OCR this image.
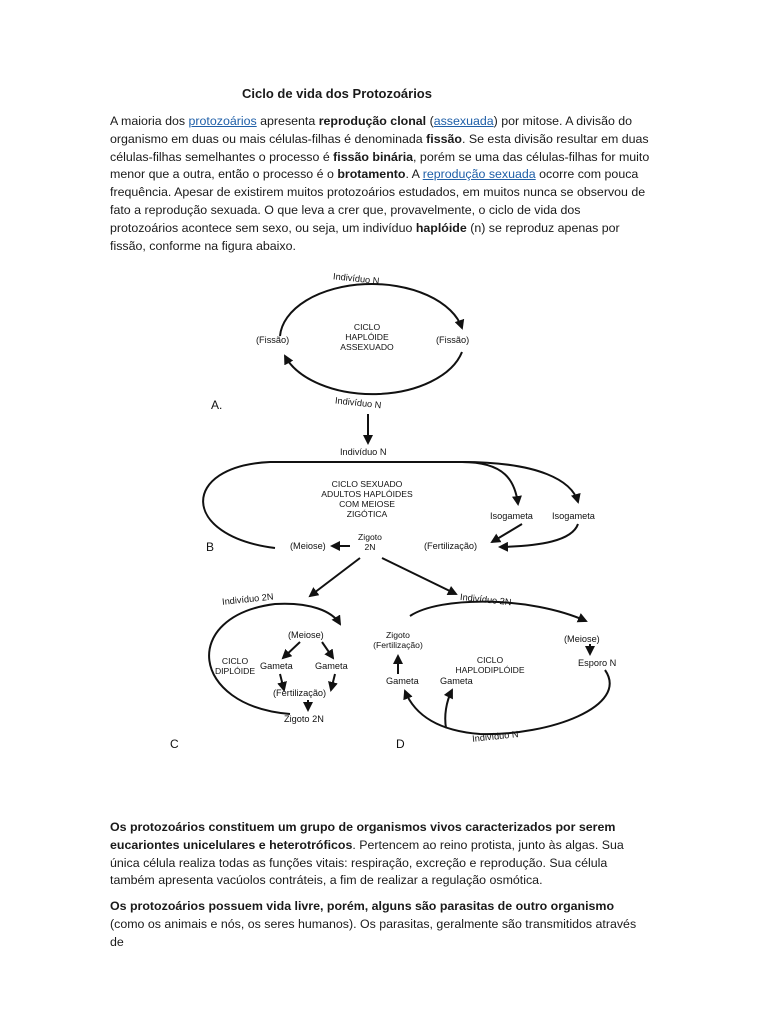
Ciclo de vida dos Protozoários

A maioria dos protozoários apresenta reprodução clonal (assexuada) por mitose. A divisão do organismo em duas ou mais células-filhas é denominada fissão. Se esta divisão resultar em duas células-filhas semelhantes o processo é fissão binária, porém se uma das células-filhas for muito menor que a outra, então o processo é o brotamento. A reprodução sexuada ocorre com pouca frequência. Apesar de existirem muitos protozoários estudados, em muitos nunca se observou de fato a reprodução sexuada. O que leva a crer que, provavelmente, o ciclo de vida dos protozoários acontece sem sexo, ou seja, um indivíduo haplóide (n) se reproduz apenas por fissão, conforme na figura abaixo.

Indivíduo N
(Fissão)	(Fissão)
CICLO
HAPLÓIDE
ASSEXUADO
Indivíduo N
A.
Indivíduo N
CICLO SEXUADO
ADULTOS HAPLÓIDES
COM MEIOSE
ZIGÓTICA	Isogameta Isogameta
(Fertilização)
Zigoto
2N
(Meiose)
B
Indivíduo 2N
(Meiose)
CICLO
DIPLÓIDE Gameta Gameta
(Fertilização)
Zigoto 2N
C
Indivíduo 2N
(Meiose)
Esporo N
Zigoto
(Fertilização)
CICLO
HAPLODIPLÓIDE
Gameta Gameta
Indivíduo N
D

Os protozoários constituem um grupo de organismos vivos caracterizados por serem eucariontes unicelulares e heterotróficos. Pertencem ao reino protista, junto às algas. Sua única célula realiza todas as funções vitais: respiração, excreção e reprodução. Sua célula também apresenta vacúolos contráteis, a fim de realizar a regulação osmótica.

Os protozoários possuem vida livre, porém, alguns são parasitas de outro organismo (como os animais e nós, os seres humanos). Os parasitas, geralmente são transmitidos através de
